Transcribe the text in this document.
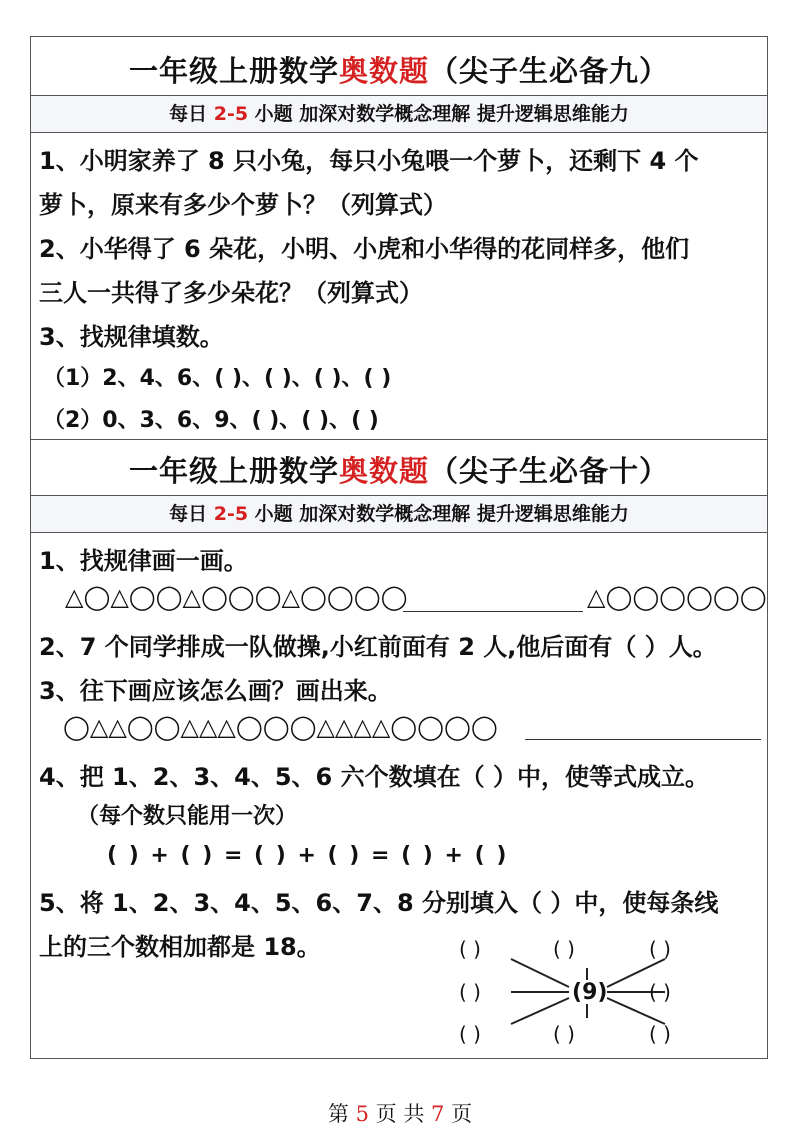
一年级上册数学奥数题（尖子生必备九）
每日 2-5 小题 加深对数学概念理解 提升逻辑思维能力
1、小明家养了 8 只小兔，每只小兔喂一个萝卜，还剩下 4 个
萝卜，原来有多少个萝卜？（列算式）
2、小华得了 6 朵花，小明、小虎和小华得的花同样多，他们
三人一共得了多少朵花？（列算式）
3、找规律填数。
（1）2、4、6、( )、( )、( )、( )
（2）0、3、6、9、( )、( )、( )
一年级上册数学奥数题（尖子生必备十）
每日 2-5 小题 加深对数学概念理解 提升逻辑思维能力
1、找规律画一画。
△◯△◯◯△◯◯◯△◯◯◯◯	△◯◯◯◯◯◯
2、7 个同学排成一队做操,小红前面有 2 人,他后面有（ ）人。
3、往下画应该怎么画？画出来。
◯△△◯◯△△△◯◯◯△△△△◯◯◯◯
4、把 1、2、3、4、5、6 六个数填在（ ）中，使等式成立。
（每个数只能用一次）
( ) + ( ) = ( ) + ( ) = ( ) + ( )
5、将 1、2、3、4、5、6、7、8 分别填入（ ）中，使每条线
上的三个数相加都是 18。	( )	( )	( )
( )	(9) ( )
( )	( )	( )
第 5 页 共 7 页
